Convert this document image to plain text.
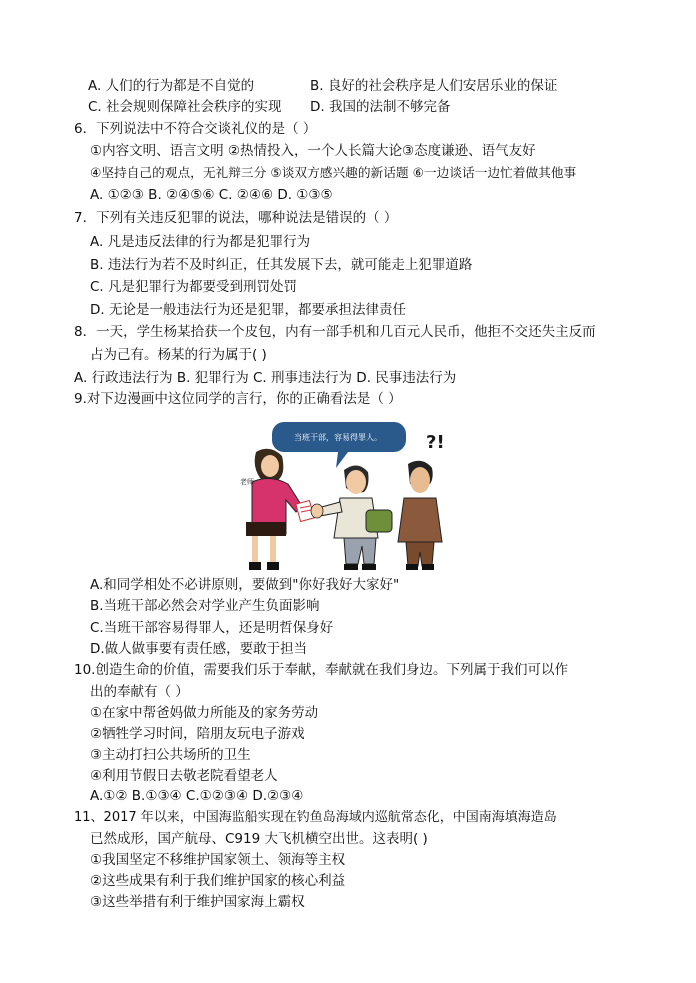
A. 人们的行为都是不自觉的	B. 良好的社会秩序是人们安居乐业的保证
C. 社会规则保障社会秩序的实现 D. 我国的法制不够完备
6．下列说法中不符合交谈礼仪的是（ ）
①内容文明、语言文明 ②热情投入，一个人长篇大论③态度谦逊、语气友好
④坚持自己的观点，无礼辩三分 ⑤谈双方感兴趣的新话题 ⑥一边谈话一边忙着做其他事
A. ①②③ B. ②④⑤⑥ C. ②④⑥ D. ①③⑤
7．下列有关违反犯罪的说法，哪种说法是错误的（ ）
A. 凡是违反法律的行为都是犯罪行为
B. 违法行为若不及时纠正，任其发展下去，就可能走上犯罪道路
C. 凡是犯罪行为都要受到刑罚处罚
D. 无论是一般违法行为还是犯罪，都要承担法律责任
8．一天，学生杨某拾获一个皮包，内有一部手机和几百元人民币，他拒不交还失主反而
占为己有。杨某的行为属于( )
A. 行政违法行为 B. 犯罪行为 C. 刑事违法行为 D. 民事违法行为
9.对下边漫画中这位同学的言行，你的正确看法是（ ）
当班干部，容易得罪人。 ?!
老师
A.和同学相处不必讲原则，要做到"你好我好大家好"
B.当班干部必然会对学业产生负面影响
C.当班干部容易得罪人，还是明哲保身好
D.做人做事要有责任感，要敢于担当
10.创造生命的价值，需要我们乐于奉献，奉献就在我们身边。下列属于我们可以作
出的奉献有（ ）
①在家中帮爸妈做力所能及的家务劳动
②牺牲学习时间，陪朋友玩电子游戏
③主动打扫公共场所的卫生
④利用节假日去敬老院看望老人
A.①② B.①③④ C.①②③④ D.②③④
11、2017 年以来，中国海监船实现在钓鱼岛海域内巡航常态化，中国南海填海造岛
已然成形，国产航母、C919 大飞机横空出世。这表明( )
①我国坚定不移维护国家领土、领海等主权
②这些成果有利于我们维护国家的核心利益
③这些举措有利于维护国家海上霸权
